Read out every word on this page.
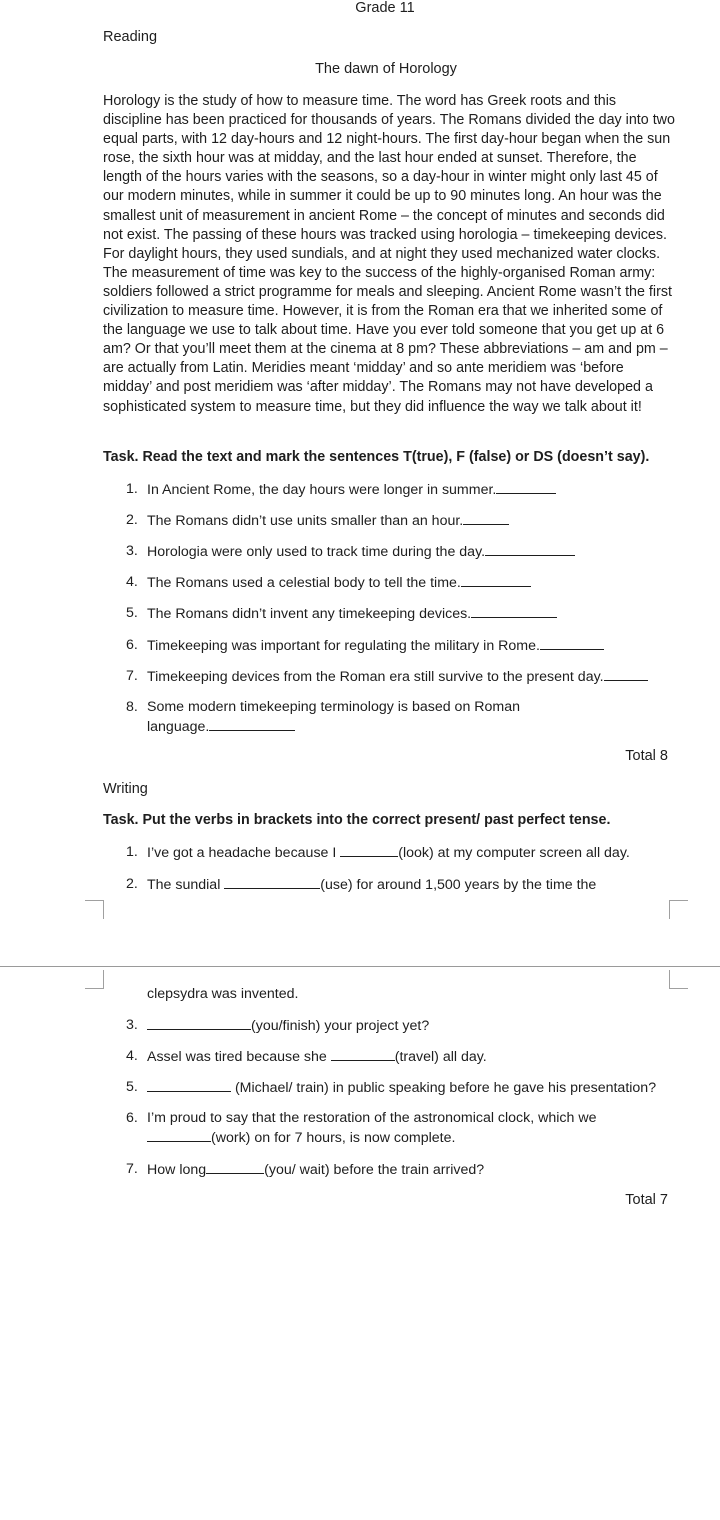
Grade 11
Reading
The dawn of Horology
Horology is the study of how to measure time. The word has Greek roots and this discipline has been practiced for thousands of years. The Romans divided the day into two equal parts, with 12 day-hours and 12 night-hours. The first day-hour began when the sun rose, the sixth hour was at midday, and the last hour ended at sunset. Therefore, the length of the hours varies with the seasons, so a day-hour in winter might only last 45 of our modern minutes, while in summer it could be up to 90 minutes long. An hour was the smallest unit of measurement in ancient Rome – the concept of minutes and seconds did not exist. The passing of these hours was tracked using horologia – timekeeping devices. For daylight hours, they used sundials, and at night they used mechanized water clocks. The measurement of time was key to the success of the highly-organised Roman army: soldiers followed a strict programme for meals and sleeping. Ancient Rome wasn’t the first civilization to measure time. However, it is from the Roman era that we inherited some of the language we use to talk about time. Have you ever told someone that you get up at 6 am? Or that you’ll meet them at the cinema at 8 pm? These abbreviations – am and pm – are actually from Latin. Meridies meant ‘midday’ and so ante meridiem was ‘before midday’ and post meridiem was ‘after midday’. The Romans may not have developed a sophisticated system to measure time, but they did influence the way we talk about it!
Task. Read the text and mark the sentences T(true), F (false) or DS (doesn’t say).
1. In Ancient Rome, the day hours were longer in summer.
2. The Romans didn’t use units smaller than an hour.
3. Horologia were only used to track time during the day.
4. The Romans used a celestial body to tell the time.
5. The Romans didn’t invent any timekeeping devices.
6. Timekeeping was important for regulating the military in Rome.
7. Timekeeping devices from the Roman era still survive to the present day.
8. Some modern timekeeping terminology is based on Roman
language.
Total 8
Writing
Task. Put the verbs in brackets into the correct present/ past perfect tense.
1. I’ve got a headache because I	(look) at my computer screen all day.
2. The sundial	(use) for around 1,500 years by the time the
clepsydra was invented.
3.	(you/finish) your project yet?
4. Assel was tired because she	(travel) all day.
5.	(Michael/ train) in public speaking before he gave his presentation?
6. I’m proud to say that the restoration of the astronomical clock, which we
(work) on for 7 hours, is now complete.
7. How long	(you/ wait) before the train arrived?
Total 7
